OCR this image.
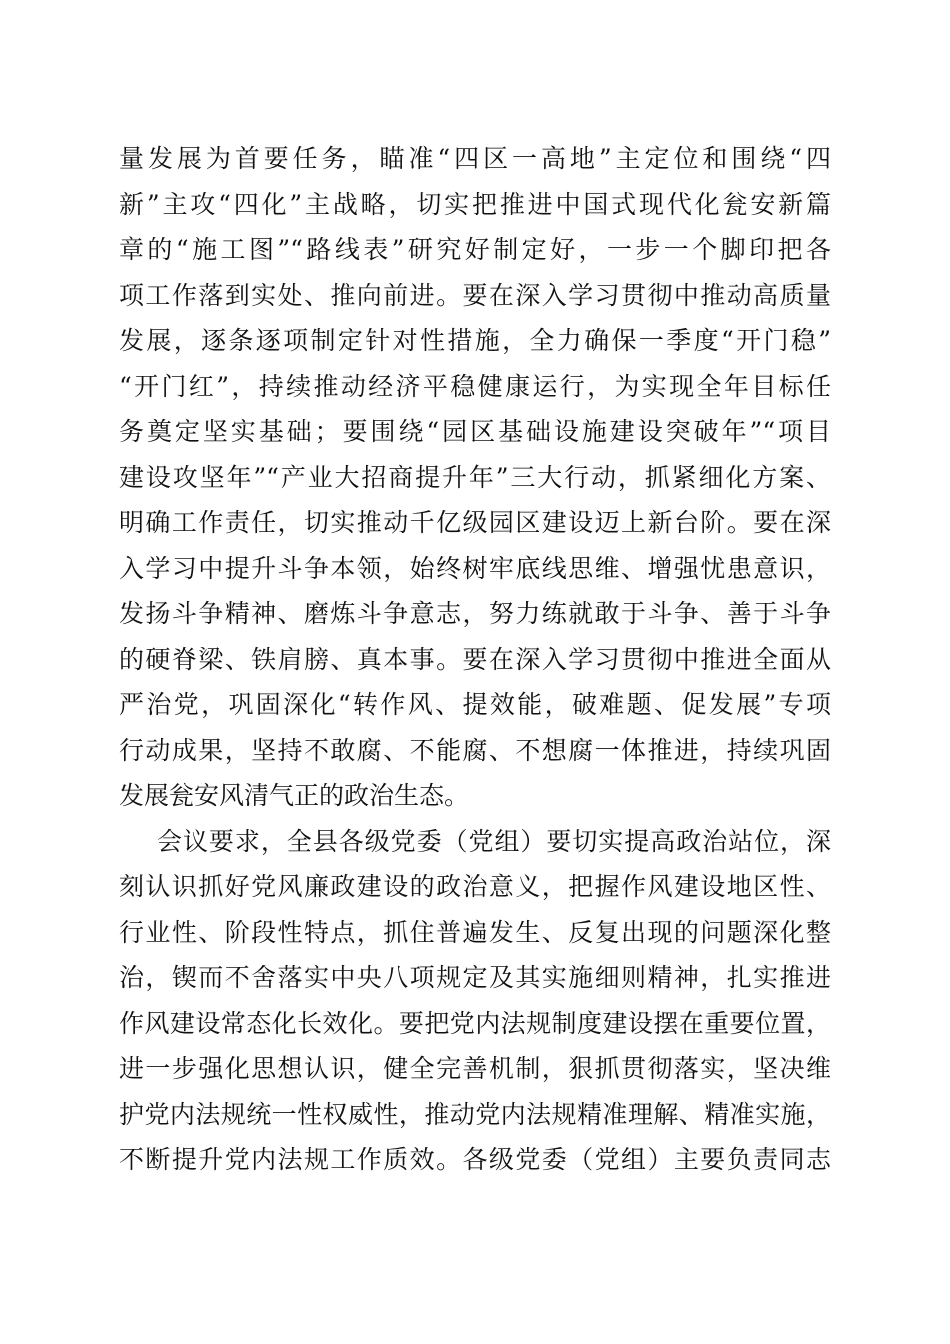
量发展为首要任务，瞄准“四区一高地”主定位和围绕“四
新”主攻“四化”主战略，切实把推进中国式现代化瓮安新篇
章的“施工图”“路线表”研究好制定好，一步一个脚印把各
项工作落到实处、推向前进。要在深入学习贯彻中推动高质量
发展，逐条逐项制定针对性措施，全力确保一季度“开门稳”
“开门红”，持续推动经济平稳健康运行，为实现全年目标任
务奠定坚实基础；要围绕“园区基础设施建设突破年”“项目
建设攻坚年”“产业大招商提升年”三大行动，抓紧细化方案、
明确工作责任，切实推动千亿级园区建设迈上新台阶。要在深
入学习中提升斗争本领，始终树牢底线思维、增强忧患意识，
发扬斗争精神、磨炼斗争意志，努力练就敢于斗争、善于斗争
的硬脊梁、铁肩膀、真本事。要在深入学习贯彻中推进全面从
严治党，巩固深化“转作风、提效能，破难题、促发展”专项
行动成果，坚持不敢腐、不能腐、不想腐一体推进，持续巩固
发展瓮安风清气正的政治生态。
会议要求，全县各级党委（党组）要切实提高政治站位，深
刻认识抓好党风廉政建设的政治意义，把握作风建设地区性、
行业性、阶段性特点，抓住普遍发生、反复出现的问题深化整
治，锲而不舍落实中央八项规定及其实施细则精神，扎实推进
作风建设常态化长效化。要把党内法规制度建设摆在重要位置，
进一步强化思想认识，健全完善机制，狠抓贯彻落实，坚决维
护党内法规统一性权威性，推动党内法规精准理解、精准实施，
不断提升党内法规工作质效。各级党委（党组）主要负责同志
